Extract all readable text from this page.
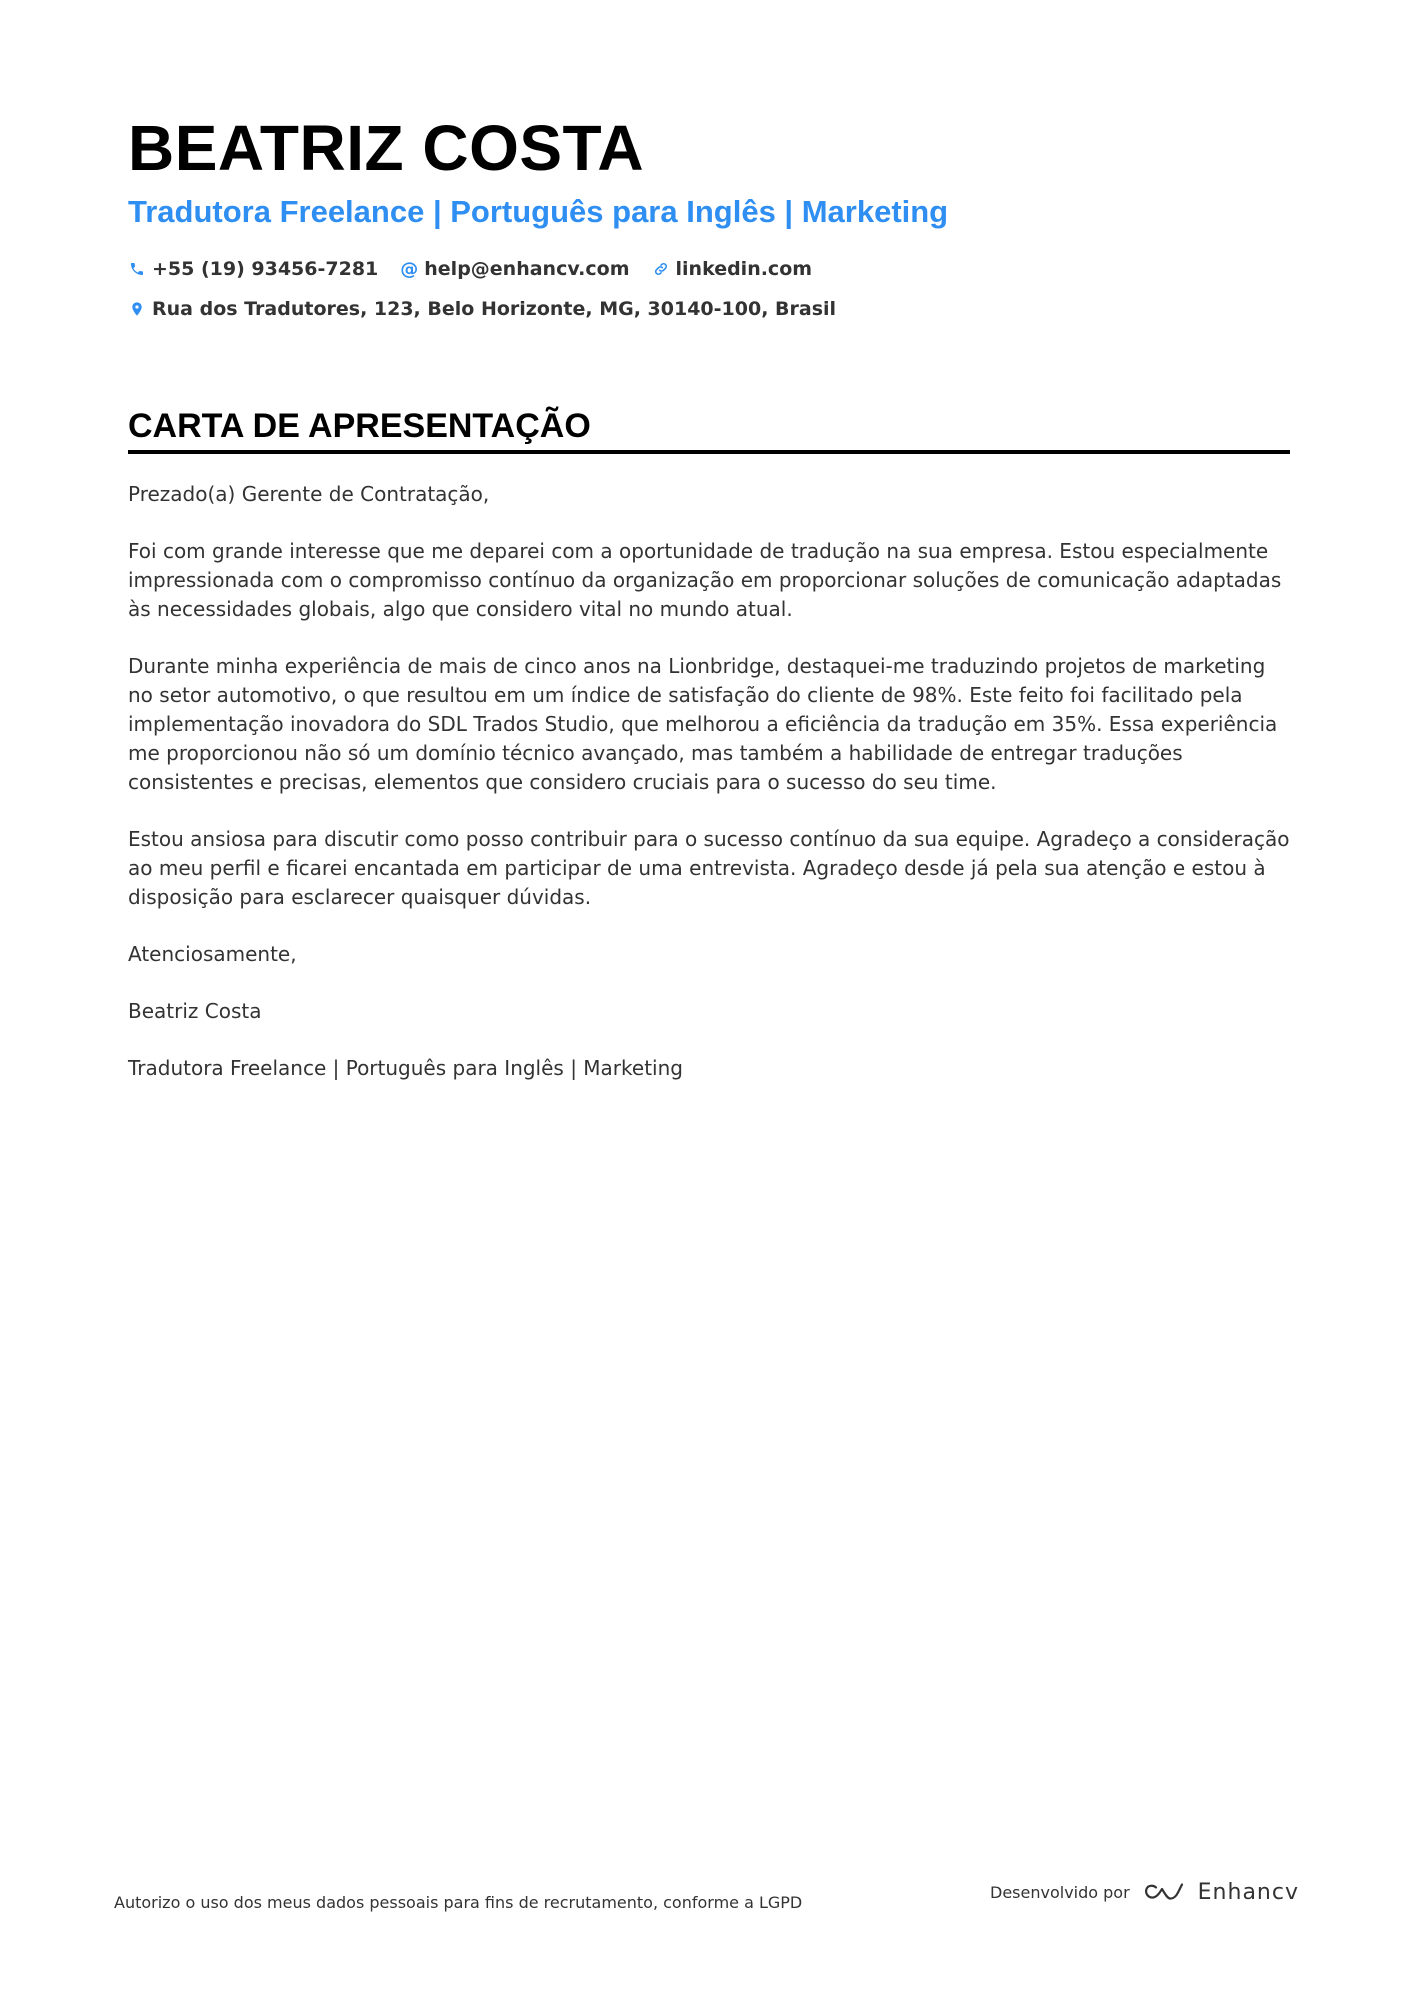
BEATRIZ COSTA
Tradutora Freelance | Português para Inglês | Marketing
+55 (19) 93456-7281 @ help@enhancv.com linkedin.com
Rua dos Tradutores, 123, Belo Horizonte, MG, 30140-100, Brasil
CARTA DE APRESENTAÇÃO

Prezado(a) Gerente de Contratação,

Foi com grande interesse que me deparei com a oportunidade de tradução na sua empresa. Estou especialmente impressionada com o compromisso contínuo da organização em proporcionar soluções de comunicação adaptadas às necessidades globais, algo que considero vital no mundo atual.

Durante minha experiência de mais de cinco anos na Lionbridge, destaquei-me traduzindo projetos de marketing no setor automotivo, o que resultou em um índice de satisfação do cliente de 98%. Este feito foi facilitado pela implementação inovadora do SDL Trados Studio, que melhorou a eficiência da tradução em 35%. Essa experiência me proporcionou não só um domínio técnico avançado, mas também a habilidade de entregar traduções consistentes e precisas, elementos que considero cruciais para o sucesso do seu time.

Estou ansiosa para discutir como posso contribuir para o sucesso contínuo da sua equipe. Agradeço a consideração ao meu perfil e ficarei encantada em participar de uma entrevista. Agradeço desde já pela sua atenção e estou à disposição para esclarecer quaisquer dúvidas.

Atenciosamente,

Beatriz Costa

Tradutora Freelance | Português para Inglês | Marketing

Autorizo o uso dos meus dados pessoais para fins de recrutamento, conforme a LGPD
Desenvolvido por	Enhancv
